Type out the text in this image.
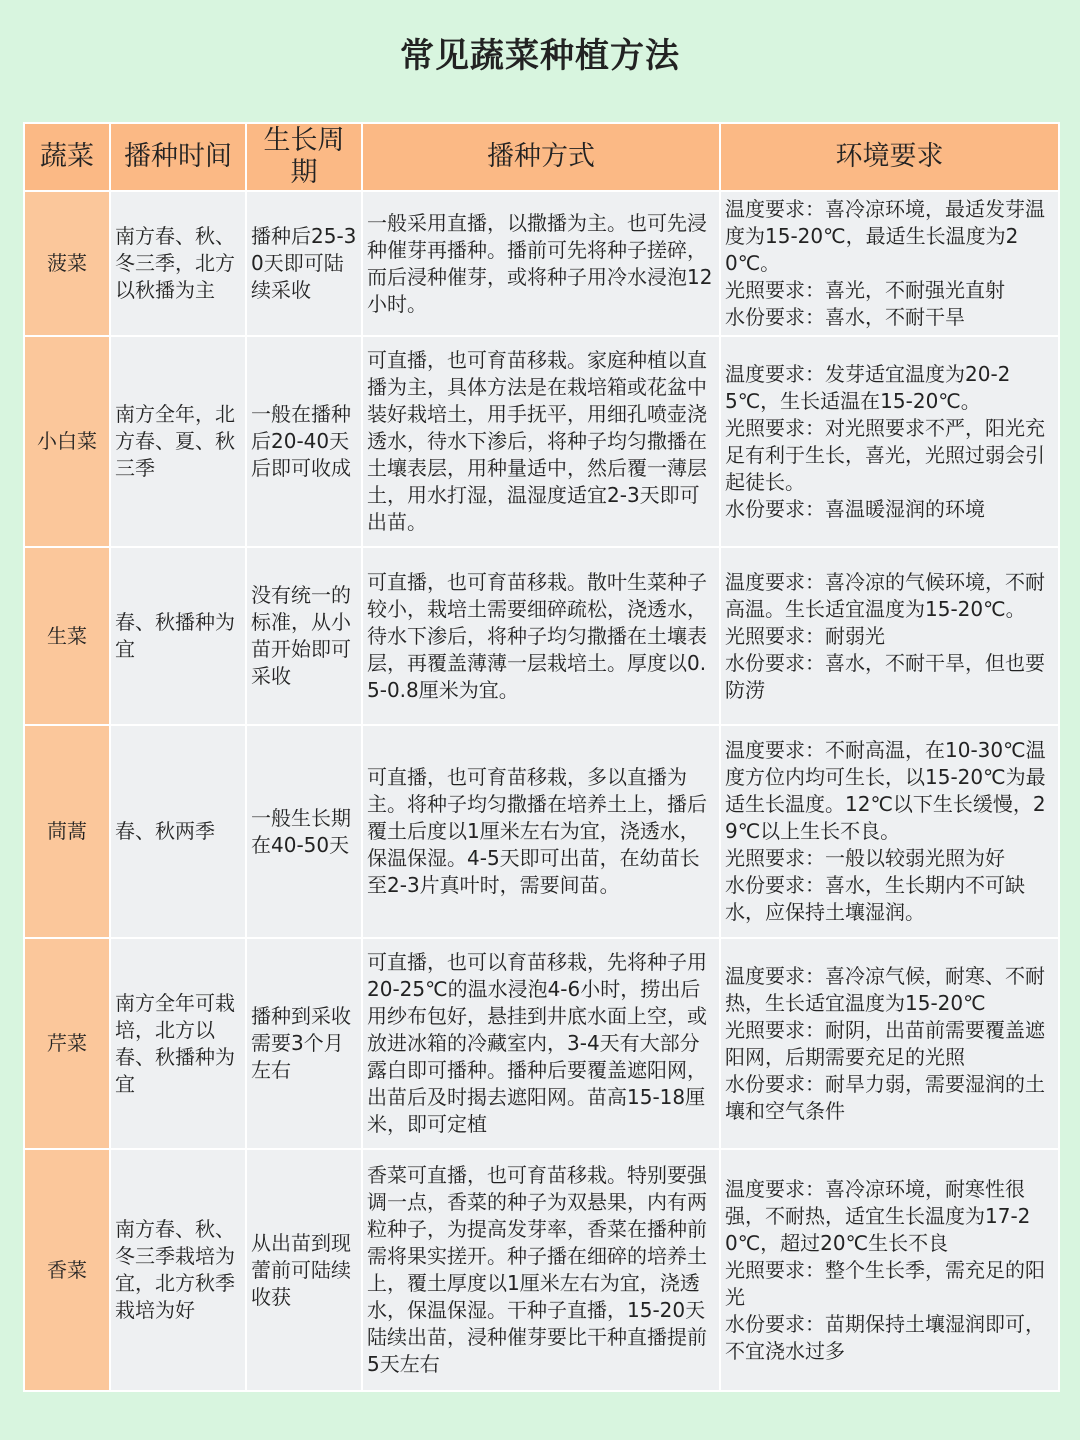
常见蔬菜种植方法
蔬菜	播种时间	生长周期	播种方式	环境要求
菠菜	南方春、秋、冬三季，北方以秋播为主	播种后25-30天即可陆续采收	一般采用直播，以撒播为主。也可先浸种催芽再播种。播前可先将种子搓碎，而后浸种催芽，或将种子用冷水浸泡12小时。	温度要求：喜冷凉环境，最适发芽温度为15-20℃，最适生长温度为20℃。
光照要求：喜光，不耐强光直射
水份要求：喜水，不耐干旱

小白菜	南方全年，北方春、夏、秋三季	一般在播种后20-40天后即可收成	可直播，也可育苗移栽。家庭种植以直播为主，具体方法是在栽培箱或花盆中装好栽培土，用手抚平，用细孔喷壶浇透水，待水下渗后，将种子均匀撒播在土壤表层，用种量适中，然后覆一薄层土，用水打湿，温湿度适宜2-3天即可出苗。	温度要求：发芽适宜温度为20-25℃，生长适温在15-20℃。
光照要求：对光照要求不严，阳光充足有利于生长，喜光，光照过弱会引起徒长。
水份要求：喜温暖湿润的环境

生菜	春、秋播种为宜	没有统一的标准，从小苗开始即可采收	可直播，也可育苗移栽。散叶生菜种子较小，栽培土需要细碎疏松，浇透水，待水下渗后，将种子均匀撒播在土壤表层，再覆盖薄薄一层栽培土。厚度以0.5-0.8厘米为宜。	温度要求：喜冷凉的气候环境，不耐高温。生长适宜温度为15-20℃。
光照要求：耐弱光
水份要求：喜水，不耐干旱，但也要防涝

茼蒿	春、秋两季	一般生长期在40-50天	可直播，也可育苗移栽，多以直播为主。将种子均匀撒播在培养土上，播后覆土后度以1厘米左右为宜，浇透水，保温保湿。4-5天即可出苗，在幼苗长至2-3片真叶时，需要间苗。	温度要求：不耐高温，在10-30℃温度方位内均可生长，以15-20℃为最适生长温度。12℃以下生长缓慢，29℃以上生长不良。
光照要求：一般以较弱光照为好
水份要求：喜水，生长期内不可缺水，应保持土壤湿润。

芹菜	南方全年可栽培，北方以春、秋播种为宜	播种到采收需要3个月左右	可直播，也可以育苗移栽，先将种子用20-25℃的温水浸泡4-6小时，捞出后用纱布包好，悬挂到井底水面上空，或放进冰箱的冷藏室内，3-4天有大部分露白即可播种。播种后要覆盖遮阳网，出苗后及时揭去遮阳网。苗高15-18厘米，即可定植	温度要求：喜冷凉气候，耐寒、不耐热，生长适宜温度为15-20℃
光照要求：耐阴，出苗前需要覆盖遮阳网，后期需要充足的光照
水份要求：耐旱力弱，需要湿润的土壤和空气条件

香菜	南方春、秋、冬三季栽培为宜，北方秋季栽培为好	从出苗到现蕾前可陆续收获	香菜可直播，也可育苗移栽。特别要强调一点，香菜的种子为双悬果，内有两粒种子，为提高发芽率，香菜在播种前需将果实搓开。种子播在细碎的培养土上，覆土厚度以1厘米左右为宜，浇透水，保温保湿。干种子直播，15-20天陆续出苗，浸种催芽要比干种直播提前5天左右	温度要求：喜冷凉环境，耐寒性很强，不耐热，适宜生长温度为17-20℃，超过20℃生长不良
光照要求：整个生长季，需充足的阳光
水份要求：苗期保持土壤湿润即可，不宜浇水过多
